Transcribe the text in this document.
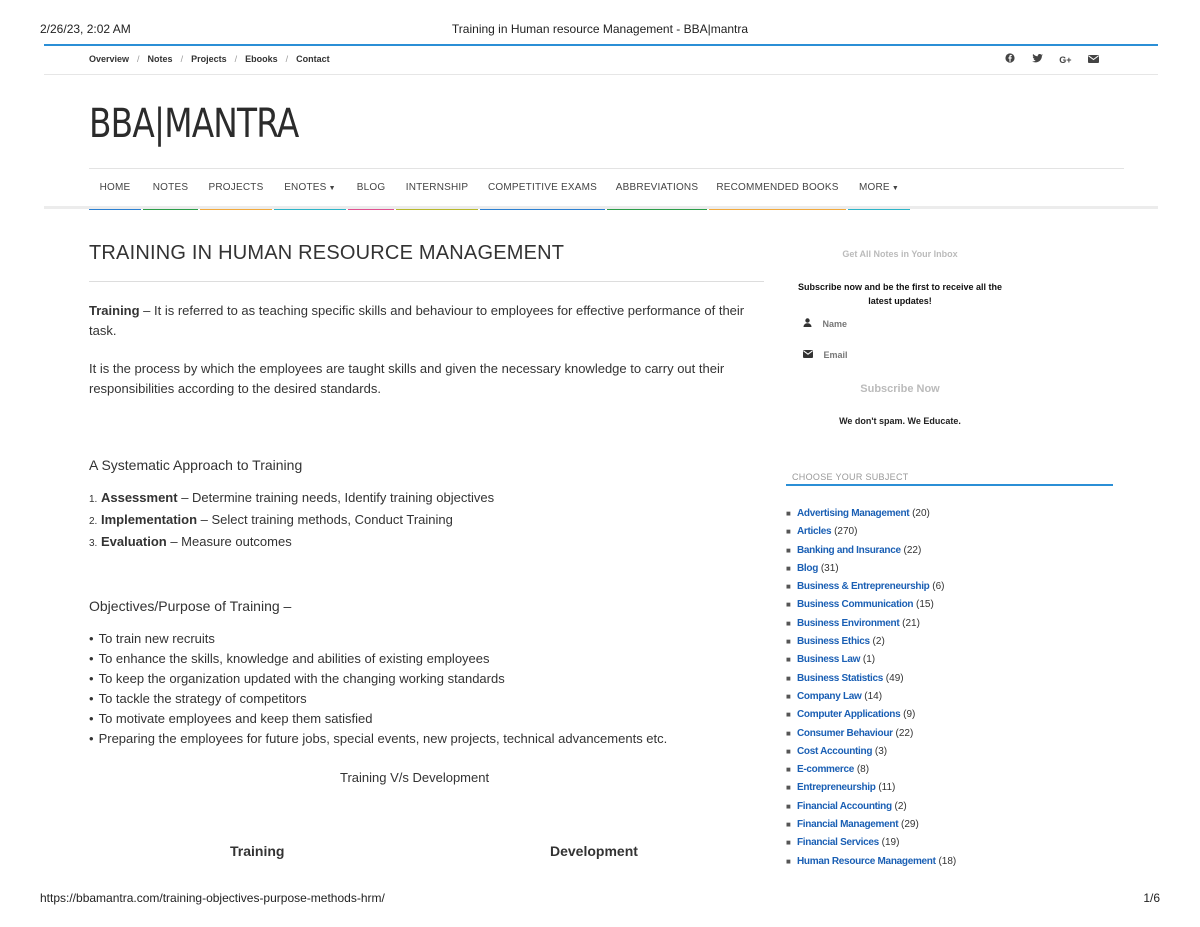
2/26/23, 2:02 AM	Training in Human resource Management - BBA|mantra
Overview / Notes / Projects / Ebooks / Contact	G+
BBA|MANTRA
HOME	NOTES	PROJECTS	ENOTES ▼	BLOG	INTERNSHIP	COMPETITIVE EXAMS	ABBREVIATIONS	RECOMMENDED BOOKS	MORE ▼
TRAINING IN HUMAN RESOURCE MANAGEMENT

Training – It is referred to as teaching specific skills and behaviour to employees for effective performance of their task.

It is the process by which the employees are taught skills and given the necessary knowledge to carry out their responsibilities according to the desired standards.

A Systematic Approach to Training
1. Assessment – Determine training needs, Identify training objectives
2. Implementation – Select training methods, Conduct Training
3. Evaluation – Measure outcomes
Objectives/Purpose of Training –
• To train new recruits
• To enhance the skills, knowledge and abilities of existing employees
• To keep the organization updated with the changing working standards
• To tackle the strategy of competitors
• To motivate employees and keep them satisfied
• Preparing the employees for future jobs, special events, new projects, technical advancements etc.
Training V/s Development
Training	Development
Get All Notes in Your Inbox
Subscribe now and be the first to receive all the latest updates!
Name
Email
Subscribe Now
We don't spam. We Educate.
CHOOSE YOUR SUBJECT
■ Advertising Management (20)
■ Articles (270)
■ Banking and Insurance (22)
■ Blog (31)
■ Business & Entrepreneurship (6)
■ Business Communication (15)
■ Business Environment (21)
■ Business Ethics (2)
■ Business Law (1)
■ Business Statistics (49)
■ Company Law (14)
■ Computer Applications (9)
■ Consumer Behaviour (22)
■ Cost Accounting (3)
■ E-commerce (8)
■ Entrepreneurship (11)
■ Financial Accounting (2)
■ Financial Management (29)
■ Financial Services (19)
■ Human Resource Management (18)
https://bbamantra.com/training-objectives-purpose-methods-hrm/	1/6
